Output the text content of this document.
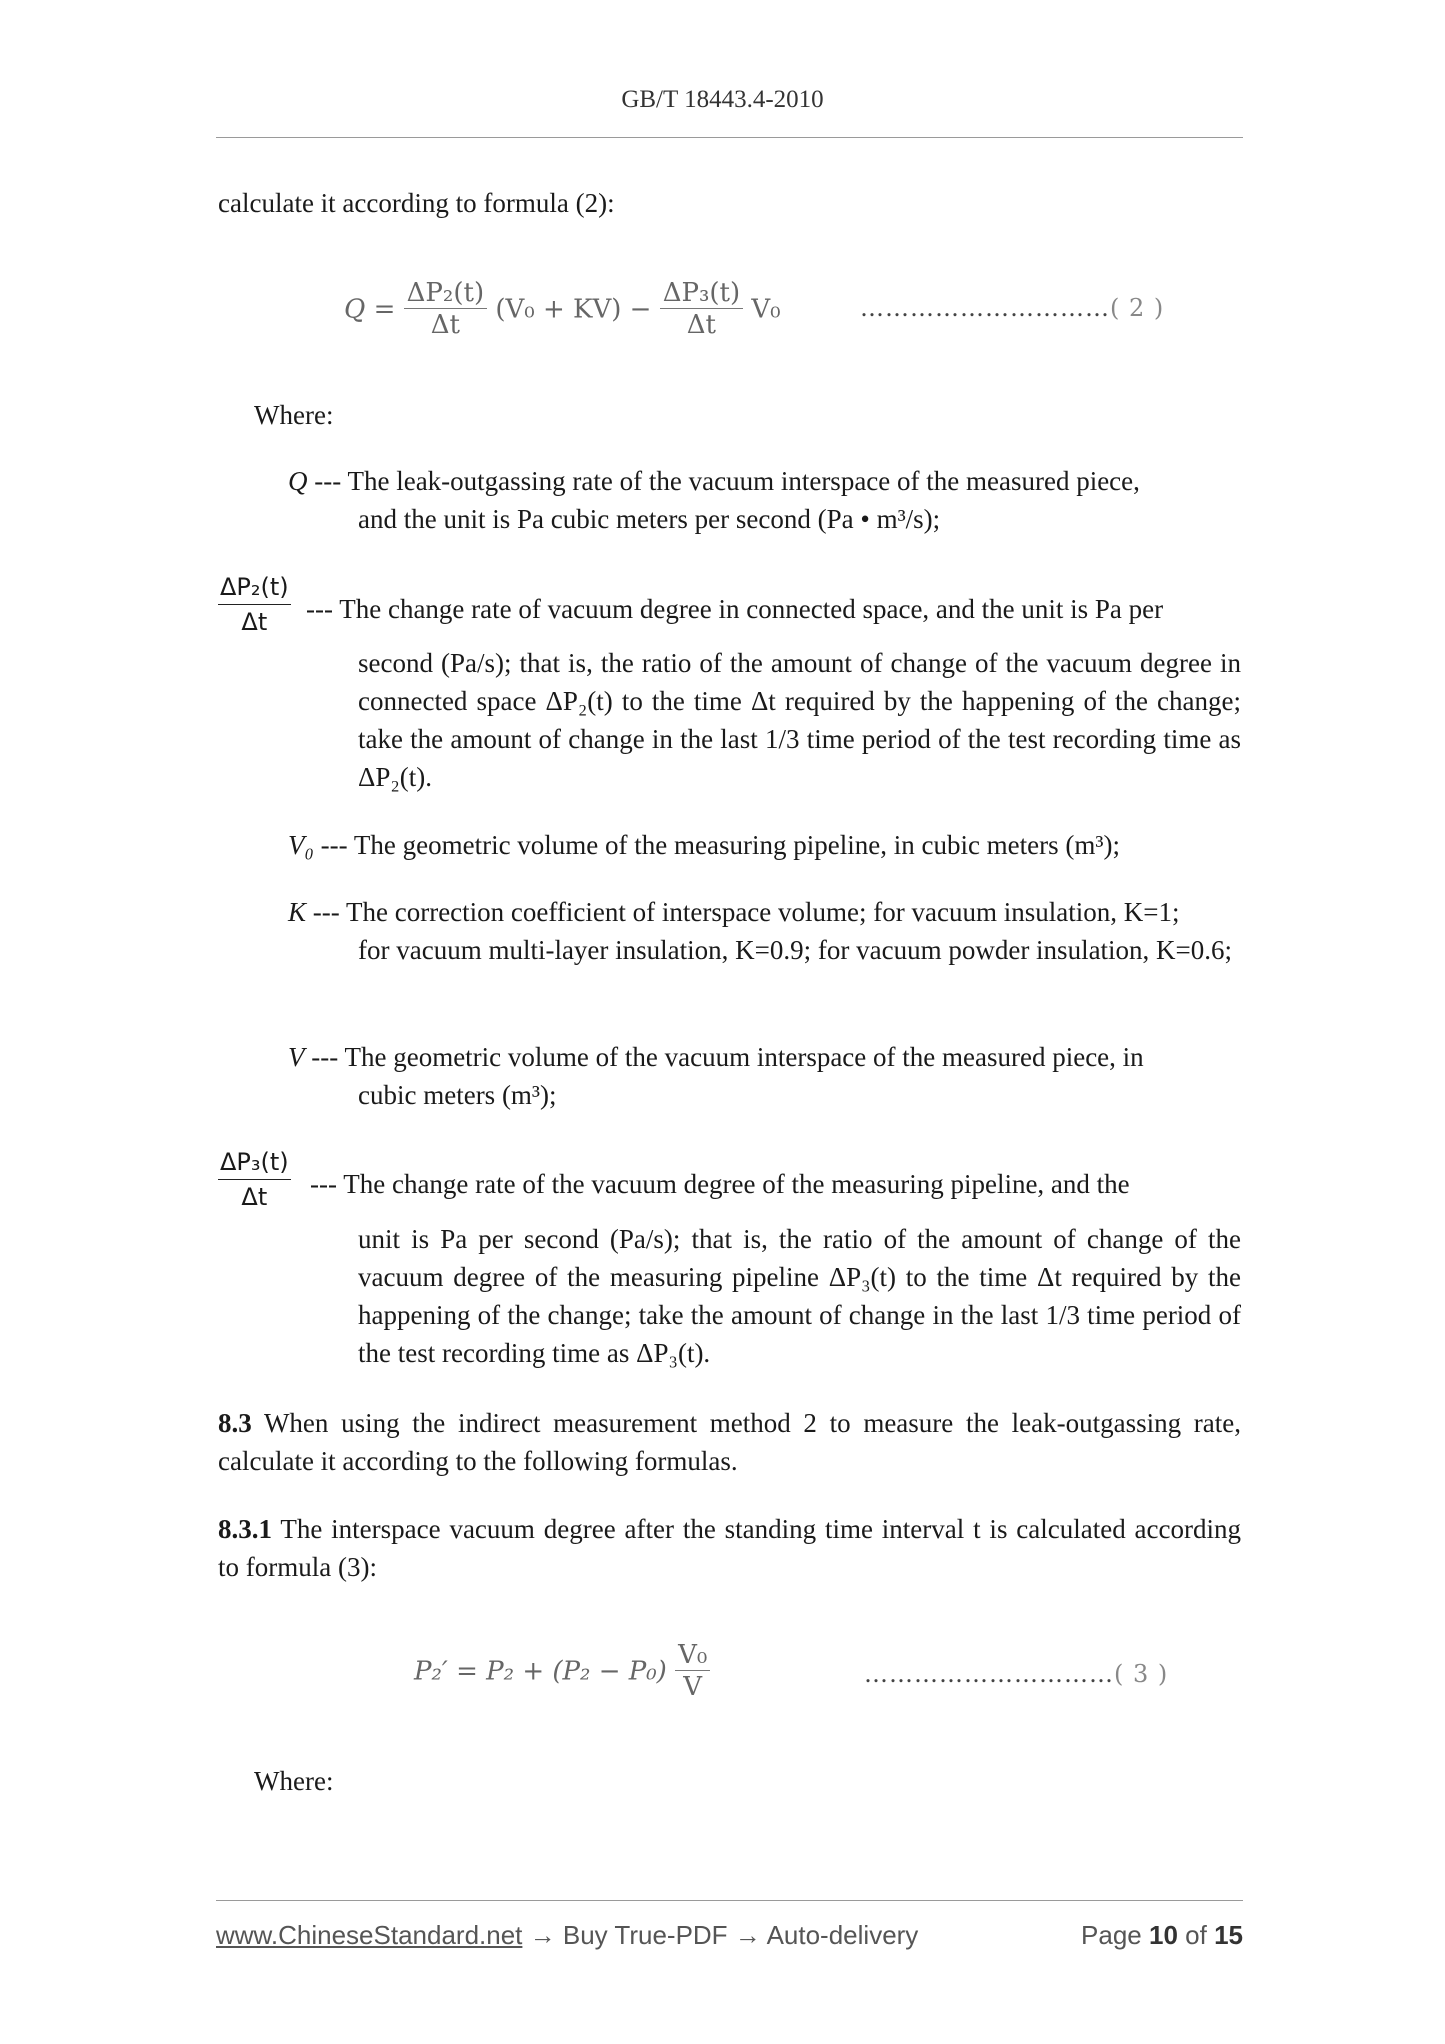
GB/T 18443.4-2010

calculate it according to formula (2):

$Q = \frac{\text{ΔP₂(t)}}{\Delta t} (V_0 + KV) - \frac{\text{ΔP₃(t)}}{\Delta t} V_0$	…………………………( 2 )

Where:

Q --- The leak-outgassing rate of the vacuum interspace of the measured piece,
and the unit is Pa cubic meters per second (Pa • m³/s);
$\frac{\text{ΔP₂(t)}}{\Delta t}$ --- The change rate of vacuum degree in connected space, and the unit is Pa per
second (Pa/s); that is, the ratio of the amount of change of the vacuum degree in connected space ΔP₂(t) to the time Δt required by the happening of the change; take the amount of change in the last 1/3 time period of the test recording time as ΔP₂(t).
V₀ --- The geometric volume of the measuring pipeline, in cubic meters (m³);
K --- The correction coefficient of interspace volume; for vacuum insulation, K=1;
for vacuum multi-layer insulation, K=0.9; for vacuum powder insulation, K=0.6;
V --- The geometric volume of the vacuum interspace of the measured piece, in
cubic meters (m³);
$\frac{\text{ΔP₃(t)}}{\Delta t}$ --- The change rate of the vacuum degree of the measuring pipeline, and the
unit is Pa per second (Pa/s); that is, the ratio of the amount of change of the vacuum degree of the measuring pipeline ΔP₃(t) to the time Δt required by the happening of the change; take the amount of change in the last 1/3 time period of the test recording time as ΔP₃(t).
8.3 When using the indirect measurement method 2 to measure the leak-outgassing rate, calculate it according to the following formulas.
8.3.1 The interspace vacuum degree after the standing time interval t is calculated according to formula (3):
$P_2' = P_2 + (P_2 - P_0) \frac{\text{V₀}}{V}$	…………………………( 3 )

Where:

www.ChineseStandard.net → Buy True-PDF → Auto-delivery	Page 10 of 15
